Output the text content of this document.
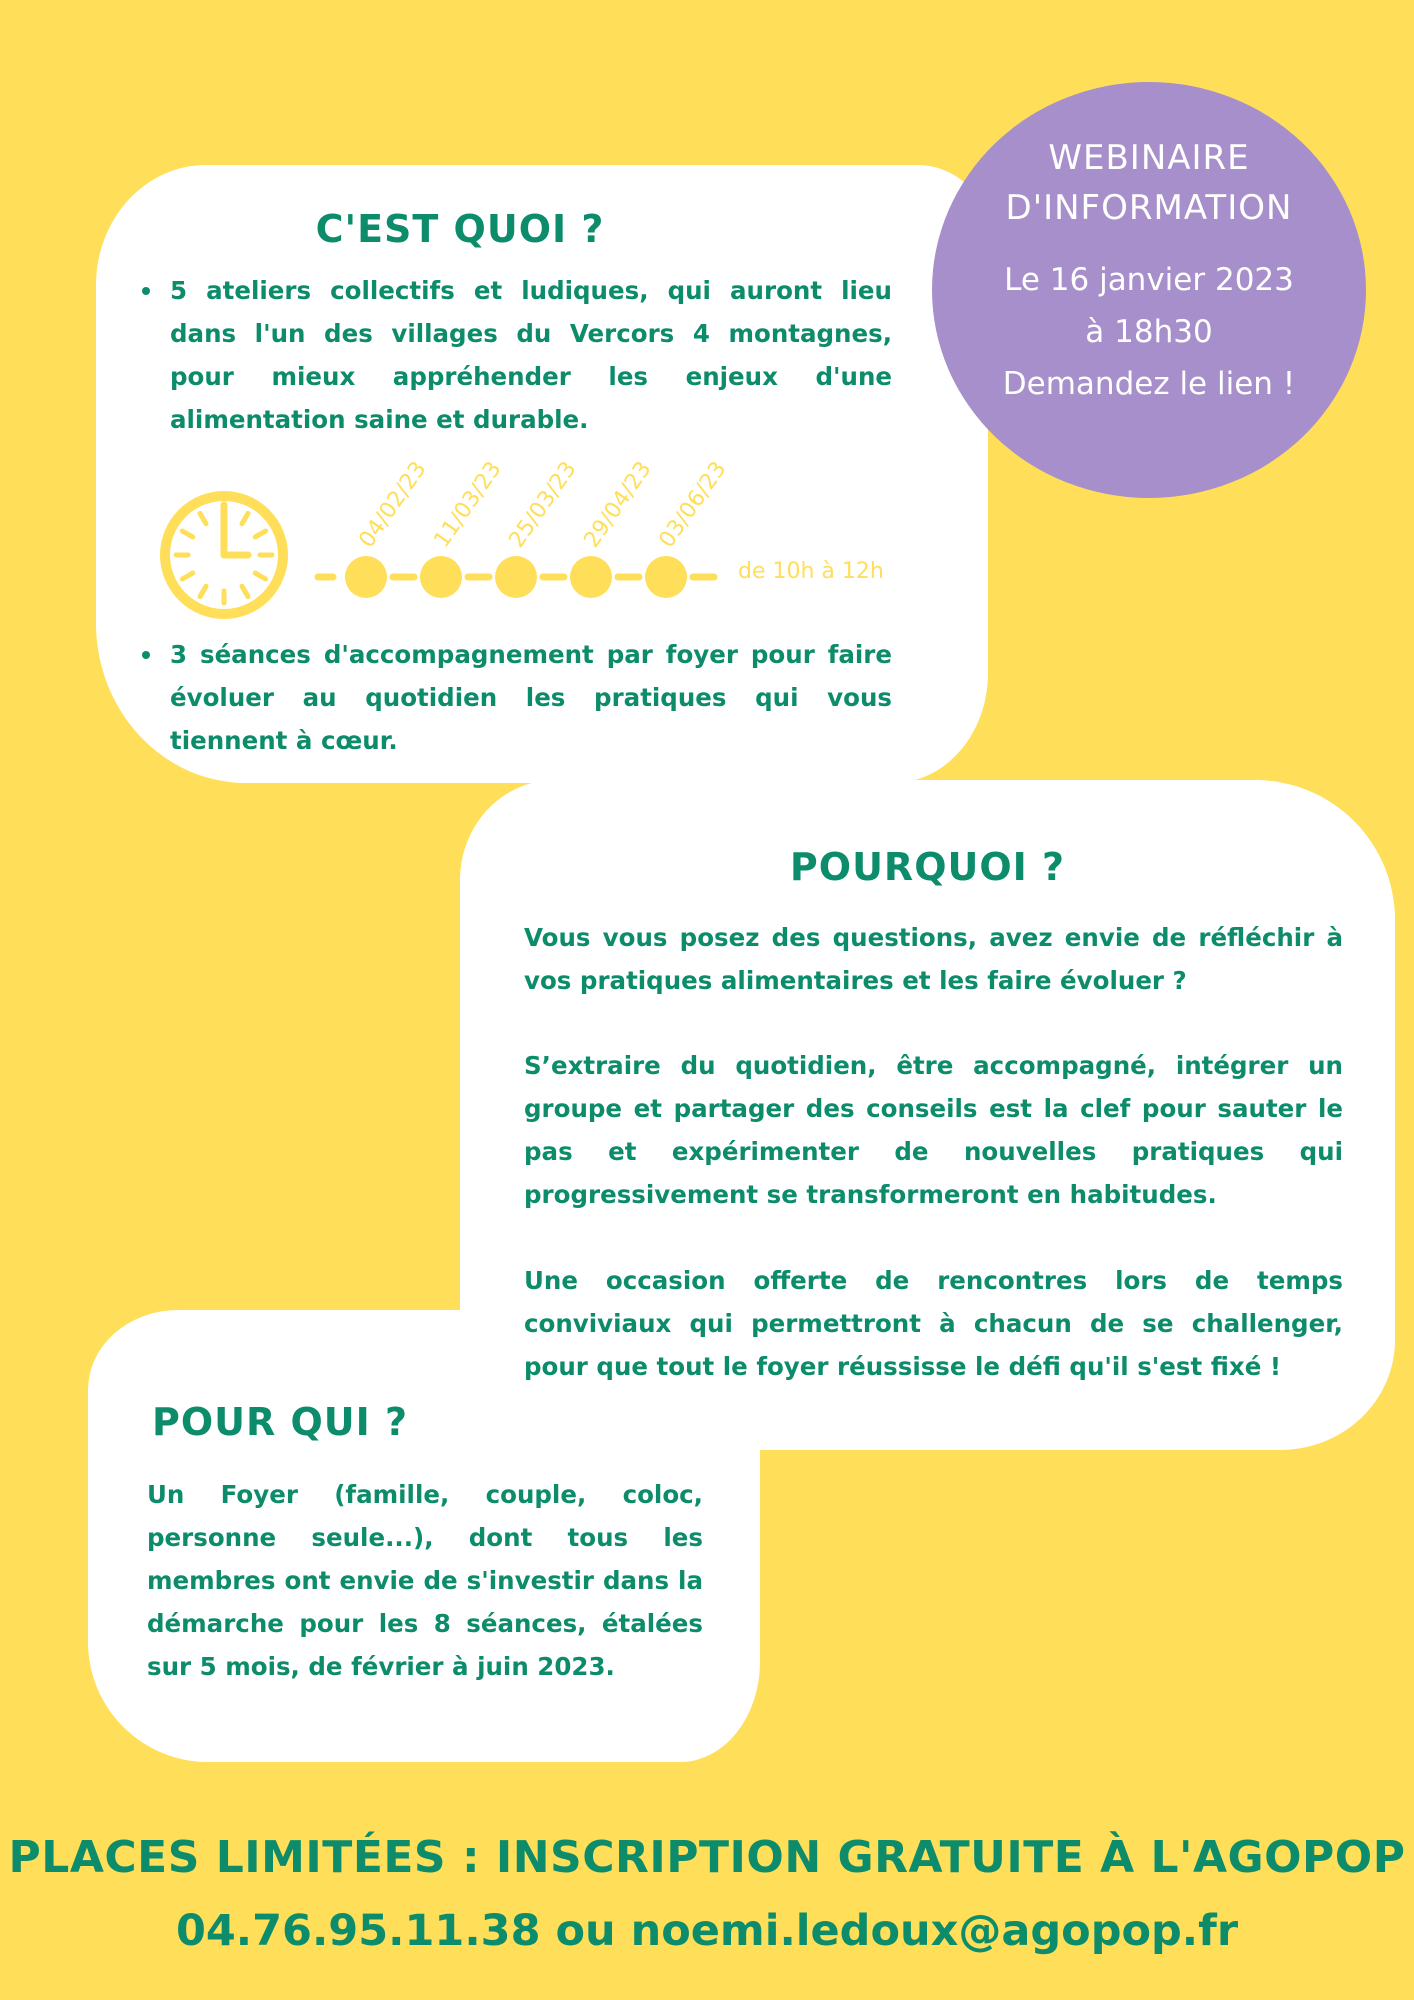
WEBINAIRE
D'INFORMATION
Le 16 janvier 2023
à 18h30
Demandez le lien !
C'EST QUOI ?

5 ateliers collectifs et ludiques, qui auront lieu dans l'un des villages du Vercors 4 montagnes, pour mieux appréhender les enjeux d'une alimentation saine et durable.

3 séances d'accompagnement par foyer pour faire évoluer au quotidien les pratiques qui vous tiennent à cœur.

04/02/23
11/03/23
25/03/23
29/04/23
03/06/23
de 10h à 12h
POURQUOI ?

Vous vous posez des questions, avez envie de réfléchir à vos pratiques alimentaires et les faire évoluer ?

S’extraire du quotidien, être accompagné, intégrer un groupe et partager des conseils est la clef pour sauter le pas et expérimenter de nouvelles pratiques qui progressivement se transformeront en habitudes.

Une occasion offerte de rencontres lors de temps conviviaux qui permettront à chacun de se challenger, pour que tout le foyer réussisse le défi qu'il s'est fixé !

POUR QUI ?

Un Foyer (famille, couple, coloc, personne seule...), dont tous les membres ont envie de s'investir dans la démarche pour les 8 séances, étalées sur 5 mois, de février à juin 2023.

PLACES LIMITÉES : INSCRIPTION GRATUITE À L'AGOPOP
04.76.95.11.38 ou noemi.ledoux@agopop.fr
